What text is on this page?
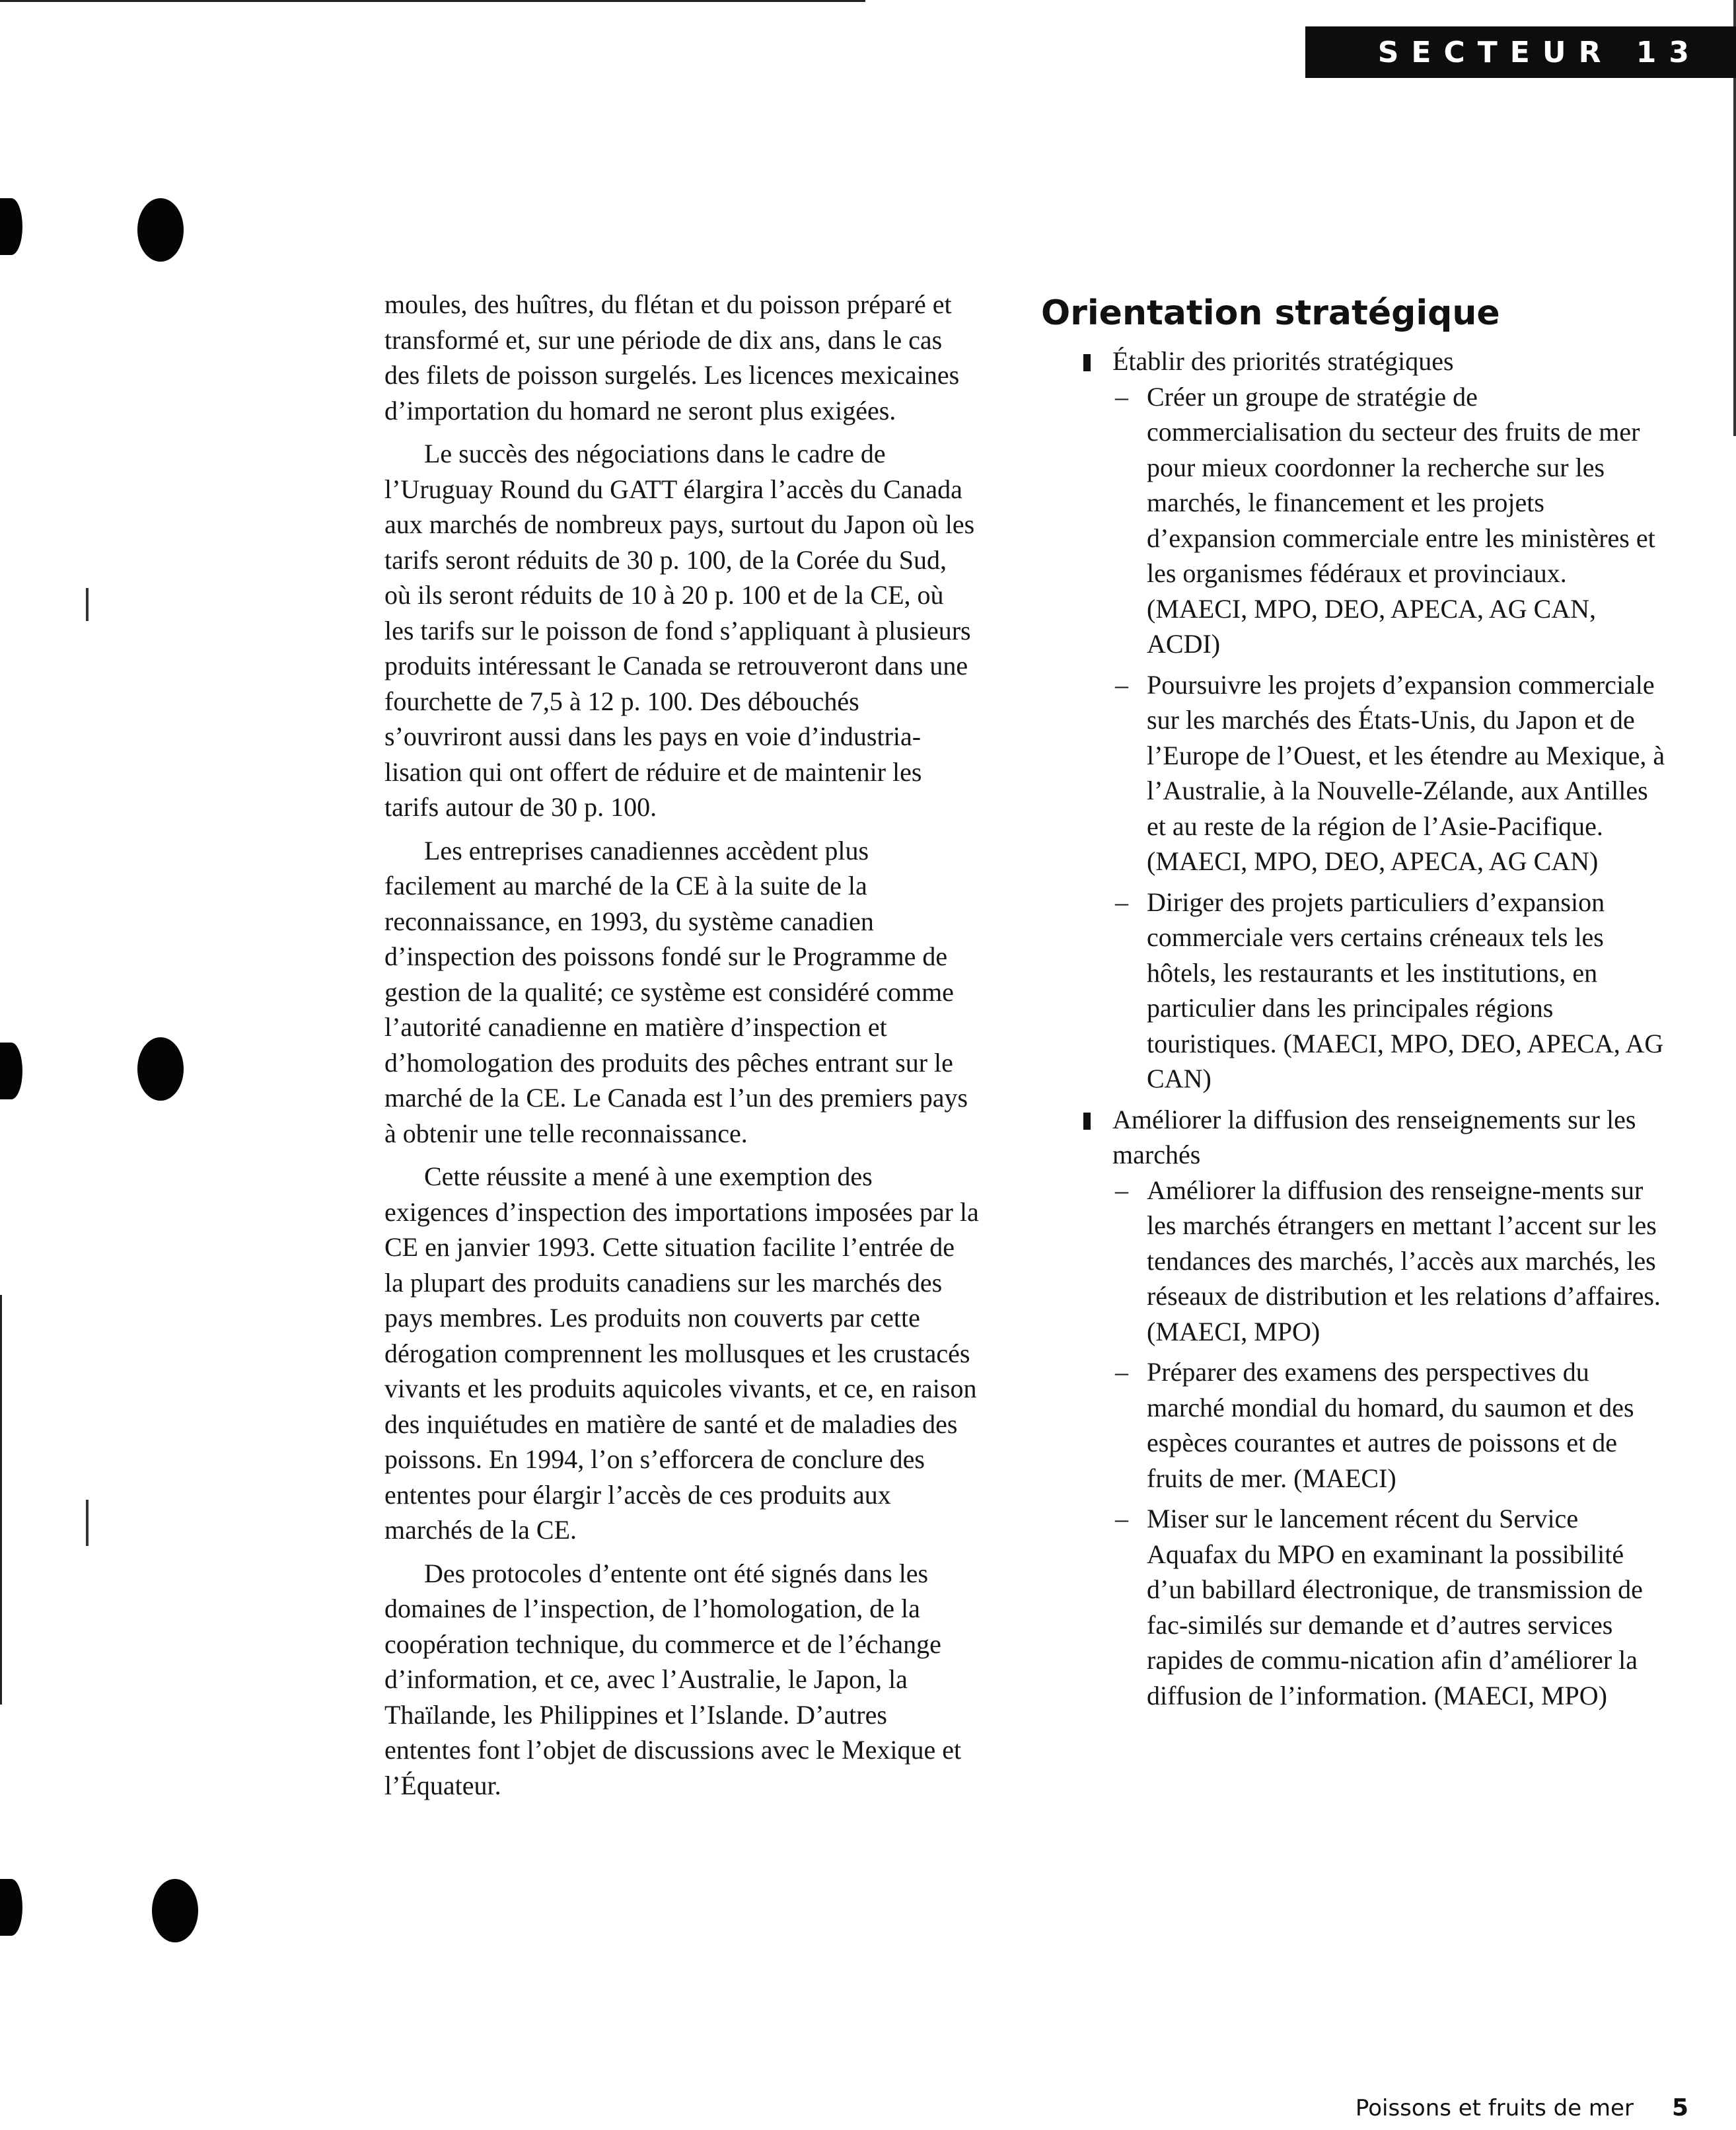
SECTEUR 13

moules, des huîtres, du flétan et du poisson préparé et transformé et, sur une période de dix ans, dans le cas des filets de poisson surgelés. Les licences mexicaines d’importation du homard ne seront plus exigées.

Le succès des négociations dans le cadre de l’Uruguay Round du GATT élargira l’accès du Canada aux marchés de nombreux pays, surtout du Japon où les tarifs seront réduits de 30 p. 100, de la Corée du Sud, où ils seront réduits de 10 à 20 p. 100 et de la CE, où les tarifs sur le poisson de fond s’appliquant à plusieurs produits intéressant le Canada se retrouveront dans une fourchette de 7,5 à 12 p. 100. Des débouchés s’ouvriront aussi dans les pays en voie d’industria-lisation qui ont offert de réduire et de maintenir les tarifs autour de 30 p. 100.

Les entreprises canadiennes accèdent plus facilement au marché de la CE à la suite de la reconnaissance, en 1993, du système canadien d’inspection des poissons fondé sur le Programme de gestion de la qualité; ce système est considéré comme l’autorité canadienne en matière d’inspection et d’homologation des produits des pêches entrant sur le marché de la CE. Le Canada est l’un des premiers pays à obtenir une telle reconnaissance.

Cette réussite a mené à une exemption des exigences d’inspection des importations imposées par la CE en janvier 1993. Cette situation facilite l’entrée de la plupart des produits canadiens sur les marchés des pays membres. Les produits non couverts par cette dérogation comprennent les mollusques et les crustacés vivants et les produits aquicoles vivants, et ce, en raison des inquiétudes en matière de santé et de maladies des poissons. En 1994, l’on s’efforcera de conclure des ententes pour élargir l’accès de ces produits aux marchés de la CE.

Des protocoles d’entente ont été signés dans les domaines de l’inspection, de l’homologation, de la coopération technique, du commerce et de l’échange d’information, et ce, avec l’Australie, le Japon, la Thaïlande, les Philippines et l’Islande. D’autres ententes font l’objet de discussions avec le Mexique et l’Équateur.

Orientation stratégique
Établir des priorités stratégiques
– Créer un groupe de stratégie de commercialisation du secteur des fruits de mer pour mieux coordonner la recherche sur les marchés, le financement et les projets d’expansion commerciale entre les ministères et les organismes fédéraux et provinciaux. (MAECI, MPO, DEO, APECA, AG CAN, ACDI)
– Poursuivre les projets d’expansion commerciale sur les marchés des États-Unis, du Japon et de l’Europe de l’Ouest, et les étendre au Mexique, à l’Australie, à la Nouvelle-Zélande, aux Antilles et au reste de la région de l’Asie-Pacifique. (MAECI, MPO, DEO, APECA, AG CAN)
– Diriger des projets particuliers d’expansion commerciale vers certains créneaux tels les hôtels, les restaurants et les institutions, en particulier dans les principales régions touristiques. (MAECI, MPO, DEO, APECA, AG CAN)
Améliorer la diffusion des renseignements sur les marchés
– Améliorer la diffusion des renseigne-ments sur les marchés étrangers en mettant l’accent sur les tendances des marchés, l’accès aux marchés, les réseaux de distribution et les relations d’affaires. (MAECI, MPO)
– Préparer des examens des perspectives du marché mondial du homard, du saumon et des espèces courantes et autres de poissons et de fruits de mer. (MAECI)
– Miser sur le lancement récent du Service Aquafax du MPO en examinant la possibilité d’un babillard électronique, de transmission de fac-similés sur demande et d’autres services rapides de commu-nication afin d’améliorer la diffusion de l’information. (MAECI, MPO)
Poissons et fruits de mer 5
